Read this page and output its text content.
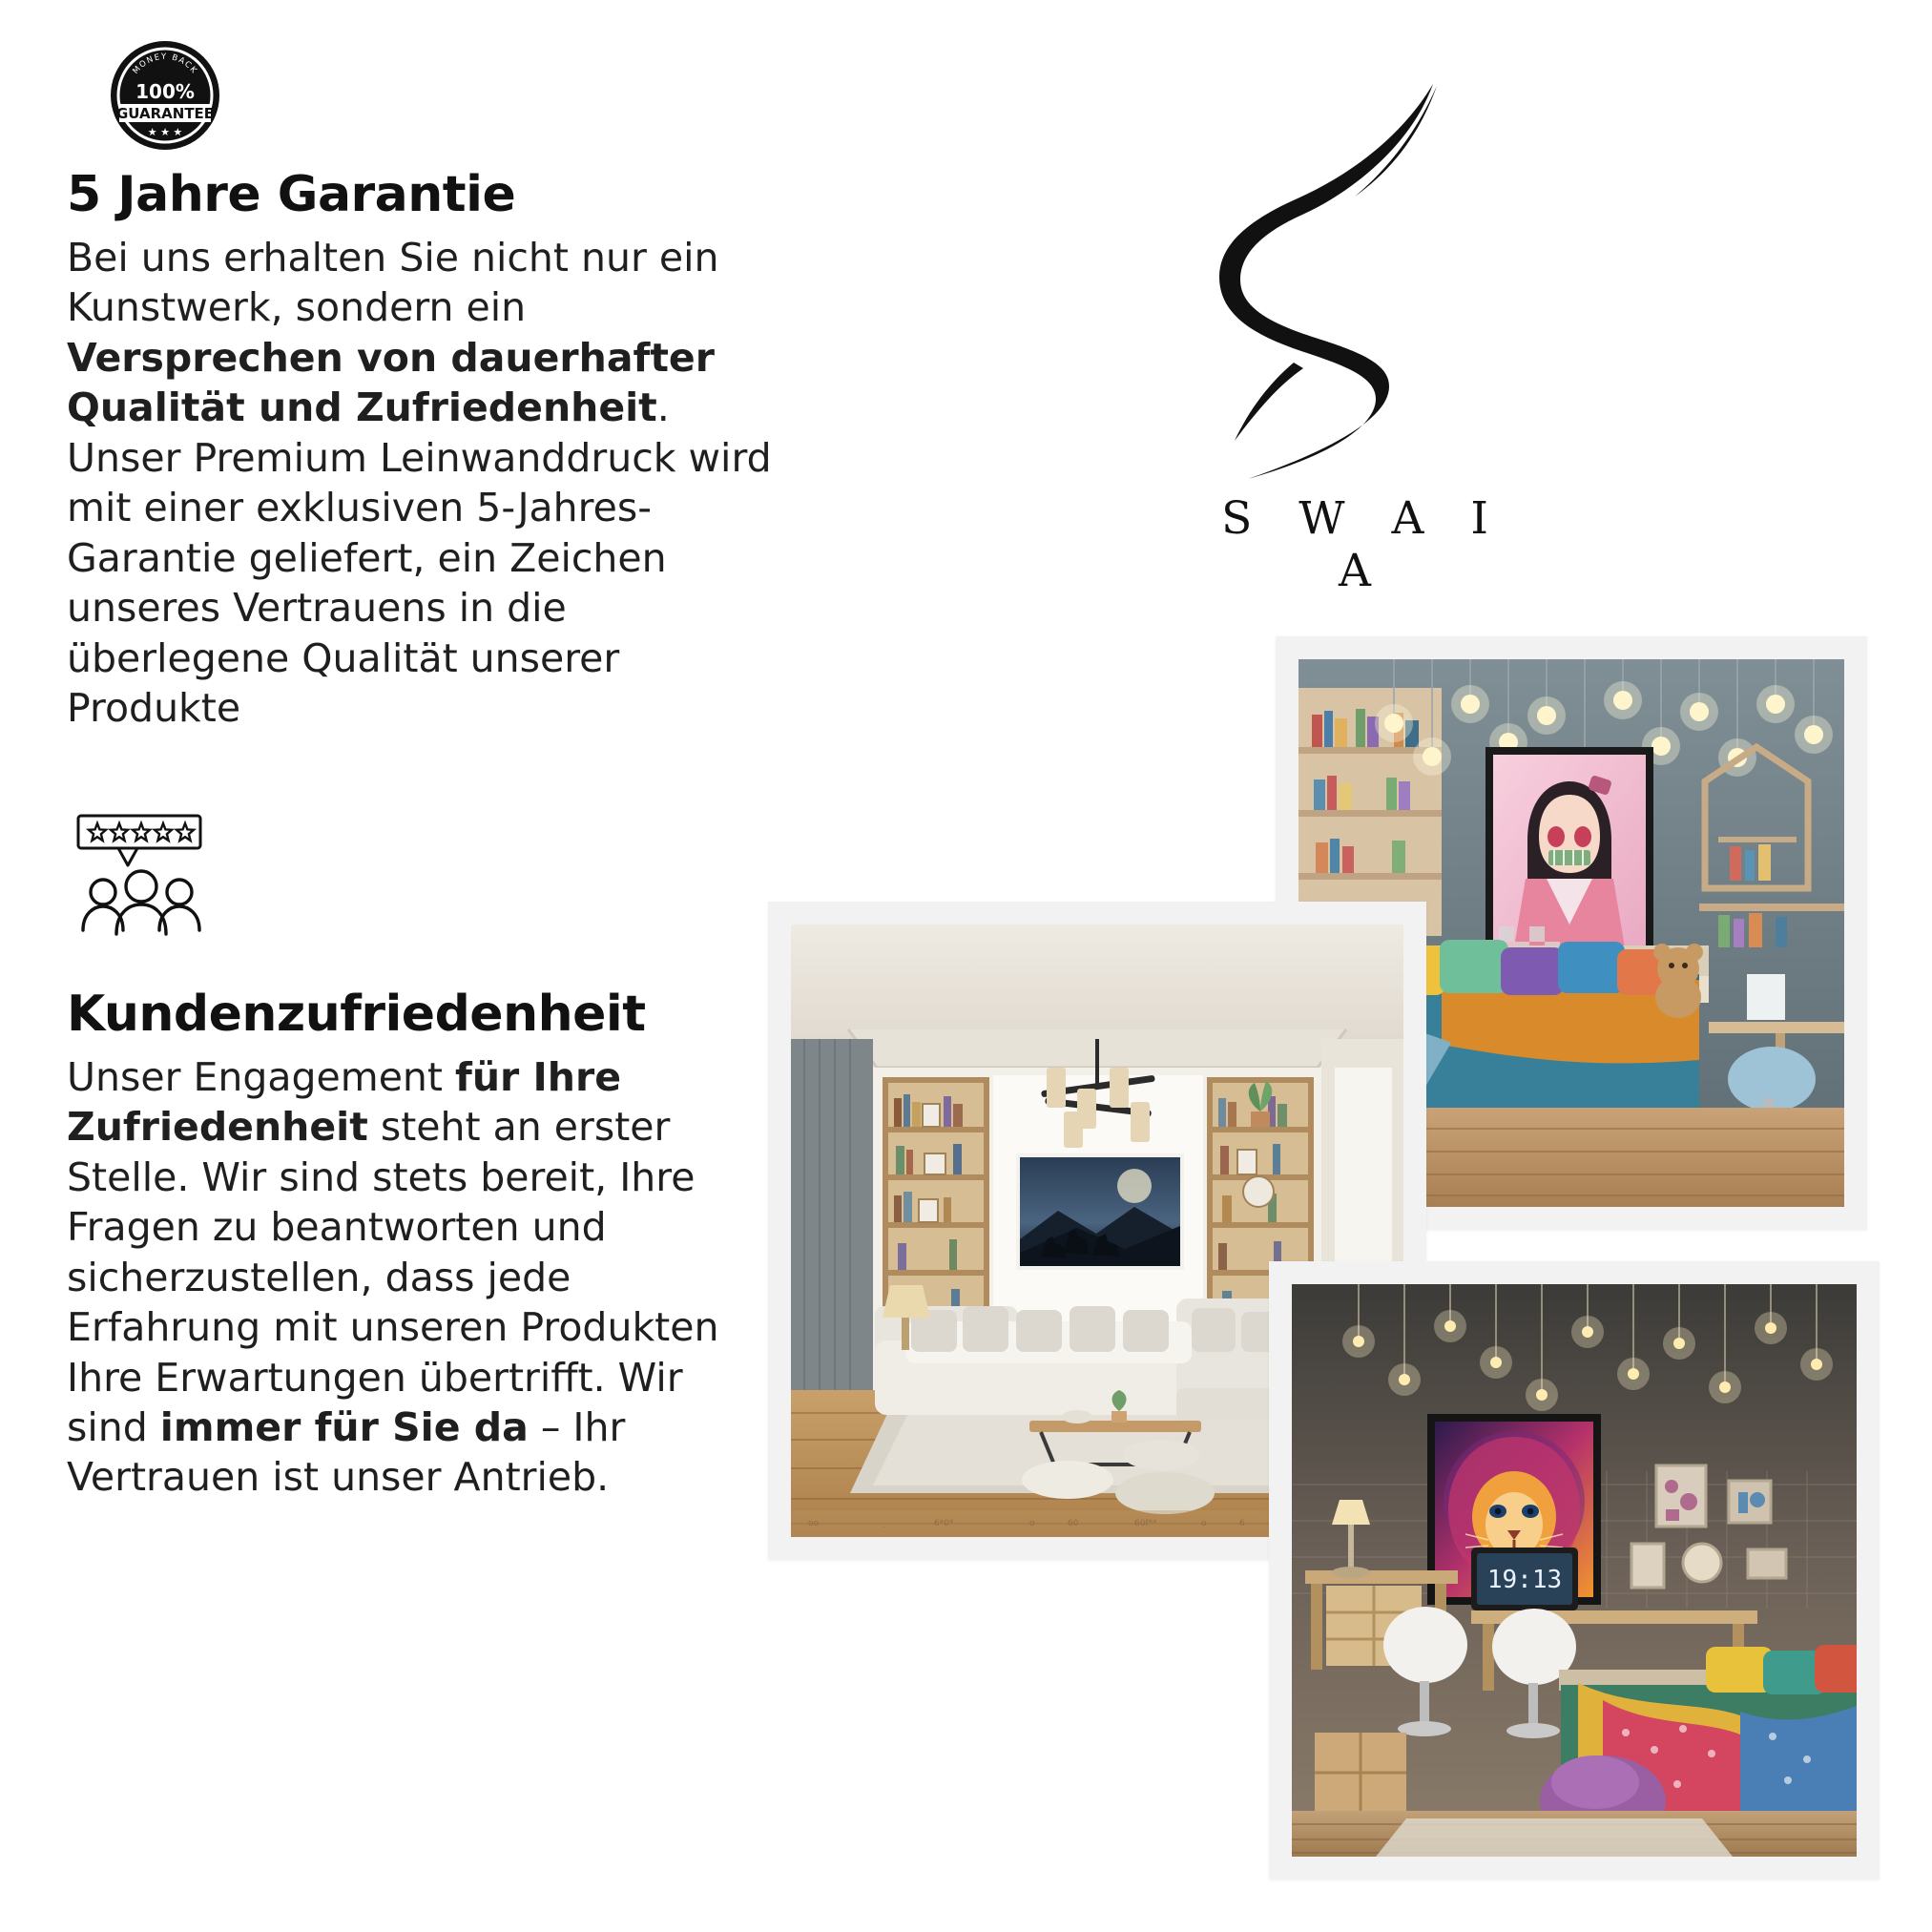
MONEY BACK
100%
GUARANTEE
★ ★ ★
5 Jahre Garantie
Bei uns erhalten Sie nicht nur ein Kunstwerk, sondern ein Versprechen von dauerhafter Qualität und Zufriedenheit. Unser Premium Leinwanddruck wird mit einer exklusiven 5-Jahres-Garantie geliefert, ein Zeichen unseres Vertrauens in die überlegene Qualität unserer Produkte
Kundenzufriedenheit
Unser Engagement für Ihre Zufriedenheit steht an erster Stelle. Wir sind stets bereit, Ihre Fragen zu beantworten und sicherzustellen, dass jede Erfahrung mit unseren Produkten Ihre Erwartungen übertrifft. Wir sind immer für Sie da – Ihr Vertrauen ist unser Antrieb.
S W A I A
oo	.	6*0*	o	60	60f**	o	6
19:13
